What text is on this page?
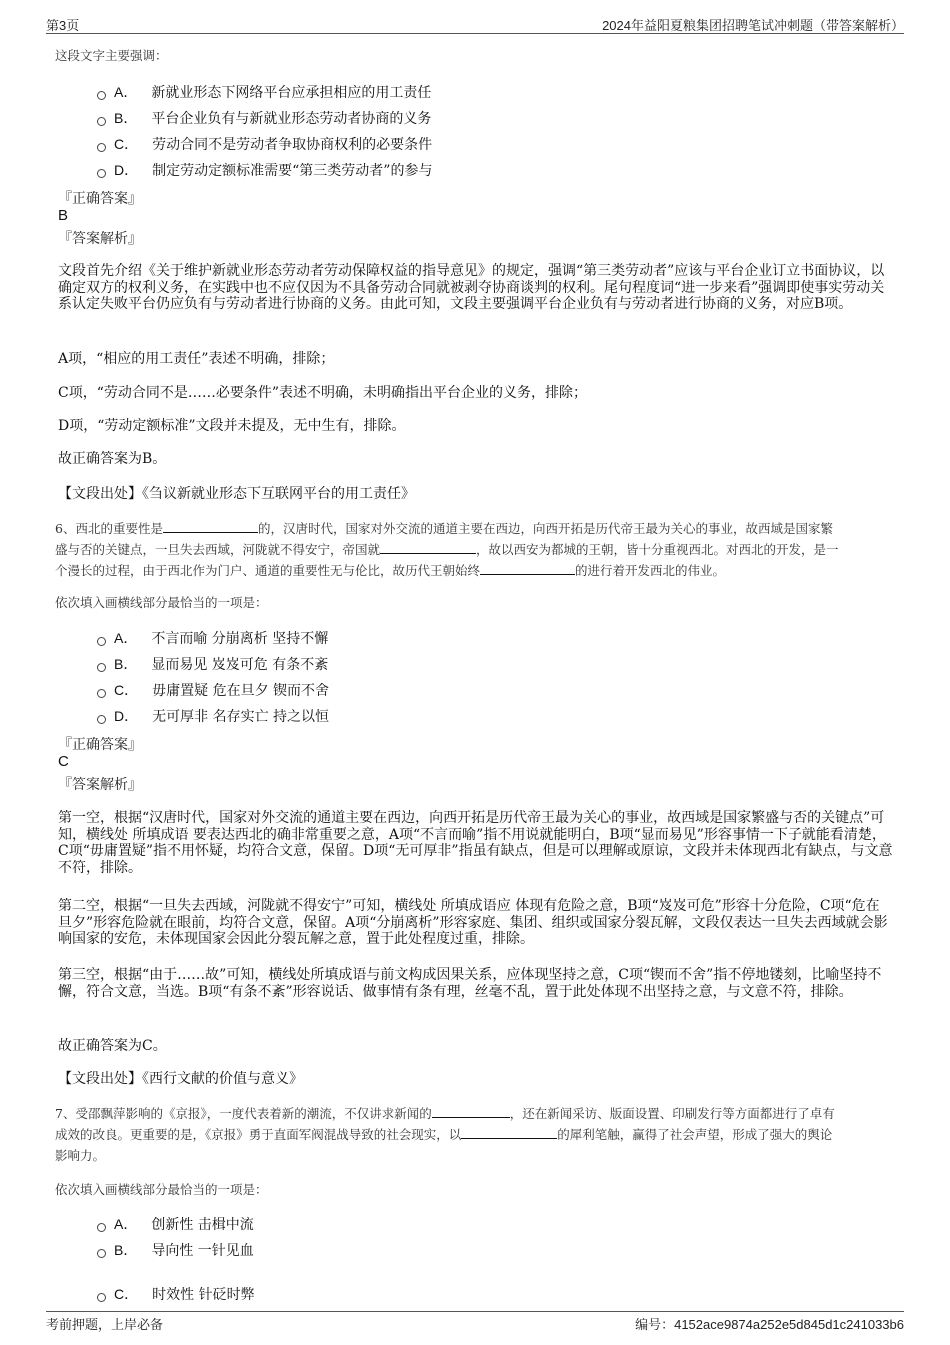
第3页	2024年益阳夏粮集团招聘笔试冲刺题（带答案解析）
这段文字主要强调：
A． 新就业形态下网络平台应承担相应的用工责任
B． 平台企业负有与新就业形态劳动者协商的义务
C． 劳动合同不是劳动者争取协商权利的必要条件
D． 制定劳动定额标准需要“第三类劳动者”的参与
『正确答案』
B
『答案解析』
文段首先介绍《关于维护新就业形态劳动者劳动保障权益的指导意见》的规定，强调“第三类劳动者”应该与平台企业订立书面协议，以确定双方的权利义务，在实践中也不应仅因为不具备劳动合同就被剥夺协商谈判的权利。尾句程度词“进一步来看”强调即使事实劳动关系认定失败平台仍应负有与劳动者进行协商的义务。由此可知，文段主要强调平台企业负有与劳动者进行协商的义务，对应B项。
A项，“相应的用工责任”表述不明确，排除；
C项，“劳动合同不是……必要条件”表述不明确，未明确指出平台企业的义务，排除；
D项，“劳动定额标准”文段并未提及，无中生有，排除。
故正确答案为B。
【文段出处】《刍议新就业形态下互联网平台的用工责任》
6、西北的重要性是	的，汉唐时代，国家对外交流的通道主要在西边，向西开拓是历代帝王最为关心的事业，故西域是国家繁
盛与否的关键点，一旦失去西域，河陇就不得安宁，帝国就	，故以西安为都城的王朝，皆十分重视西北。对西北的开发，是一
个漫长的过程，由于西北作为门户、通道的重要性无与伦比，故历代王朝始终	的进行着开发西北的伟业。
依次填入画横线部分最恰当的一项是：
A． 不言而喻 分崩离析 坚持不懈
B． 显而易见 岌岌可危 有条不紊
C． 毋庸置疑 危在旦夕 锲而不舍
D． 无可厚非 名存实亡 持之以恒
『正确答案』
C
『答案解析』
第一空，根据“汉唐时代，国家对外交流的通道主要在西边，向西开拓是历代帝王最为关心的事业，故西域是国家繁盛与否的关键点”可知，横线处 所填成语 要表达西北的确非常重要之意，A项“不言而喻”指不用说就能明白，B项“显而易见”形容事情一下子就能看清楚，C项“毋庸置疑”指不用怀疑，均符合文意，保留。D项“无可厚非”指虽有缺点，但是可以理解或原谅，文段并未体现西北有缺点，与文意不符，排除。
第二空，根据“一旦失去西域，河陇就不得安宁”可知，横线处 所填成语应 体现有危险之意，B项“岌岌可危”形容十分危险，C项“危在旦夕”形容危险就在眼前，均符合文意，保留。A项“分崩离析”形容家庭、集团、组织或国家分裂瓦解，文段仅表达一旦失去西域就会影响国家的安危，未体现国家会因此分裂瓦解之意，置于此处程度过重，排除。
第三空，根据“由于……故”可知，横线处所填成语与前文构成因果关系，应体现坚持之意，C项“锲而不舍”指不停地镂刻，比喻坚持不懈，符合文意，当选。B项“有条不紊”形容说话、做事情有条有理，丝毫不乱，置于此处体现不出坚持之意，与文意不符，排除。
故正确答案为C。
【文段出处】《西行文献的价值与意义》
7、受邵飘萍影响的《京报》，一度代表着新的潮流，不仅讲求新闻的	，还在新闻采访、版面设置、印刷发行等方面都进行了卓有
成效的改良。更重要的是，《京报》勇于直面军阀混战导致的社会现实，以	的犀利笔触，赢得了社会声望，形成了强大的舆论
影响力。
依次填入画横线部分最恰当的一项是：
A． 创新性 击楫中流
B． 导向性 一针见血
C． 时效性 针砭时弊
考前押题，上岸必备	编号：4152ace9874a252e5d845d1c241033b6
